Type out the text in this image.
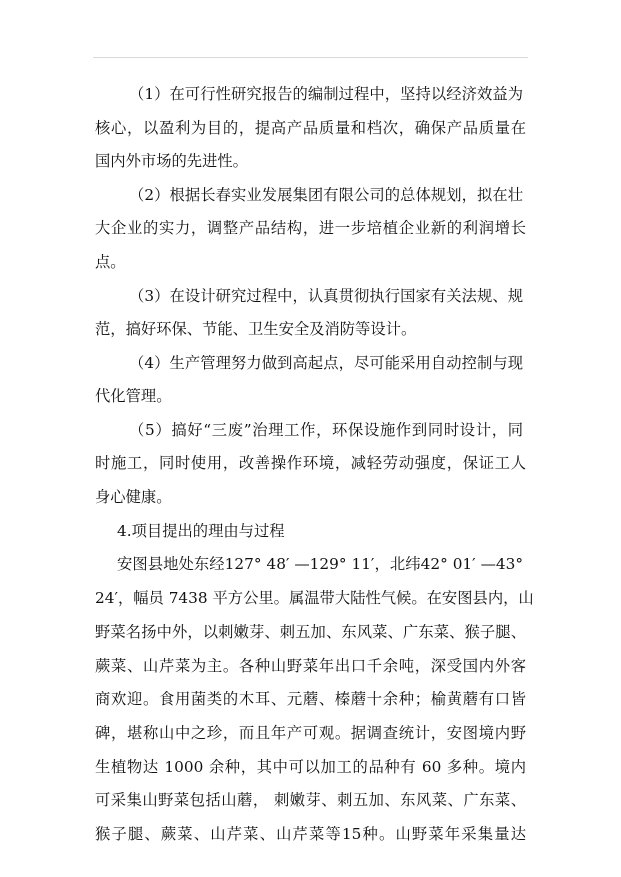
（1）在可行性研究报告的编制过程中，坚持以经济效益为
核心，以盈利为目的，提高产品质量和档次，确保产品质量在
国内外市场的先进性。
（2）根据长春实业发展集团有限公司的总体规划，拟在壮
大企业的实力，调整产品结构，进一步培植企业新的利润增长
点。
（3）在设计研究过程中，认真贯彻执行国家有关法规、规
范，搞好环保、节能、卫生安全及消防等设计。
（4）生产管理努力做到高起点，尽可能采用自动控制与现
代化管理。
（5）搞好“三废”治理工作，环保设施作到同时设计，同
时施工，同时使用，改善操作环境，减轻劳动强度，保证工人
身心健康。
4.项目提出的理由与过程
安图县地处东经127° 48′ —129° 11′，北纬42° 01′ —43°
24′，幅员 7438 平方公里。属温带大陆性气候。在安图县内，山
野菜名扬中外，以刺嫩芽、刺五加、东风菜、广东菜、猴子腿、
蕨菜、山芹菜为主。各种山野菜年出口千余吨，深受国内外客
商欢迎。食用菌类的木耳、元蘑、榛蘑十余种；榆黄蘑有口皆
碑，堪称山中之珍，而且年产可观。据调查统计，安图境内野
生植物达 1000 余种，其中可以加工的品种有 60 多种。境内
可采集山野菜包括山蘑， 刺嫩芽、刺五加、东风菜、广东菜、
猴子腿、蕨菜、山芹菜、山芹菜等15种。山野菜年采集量达
